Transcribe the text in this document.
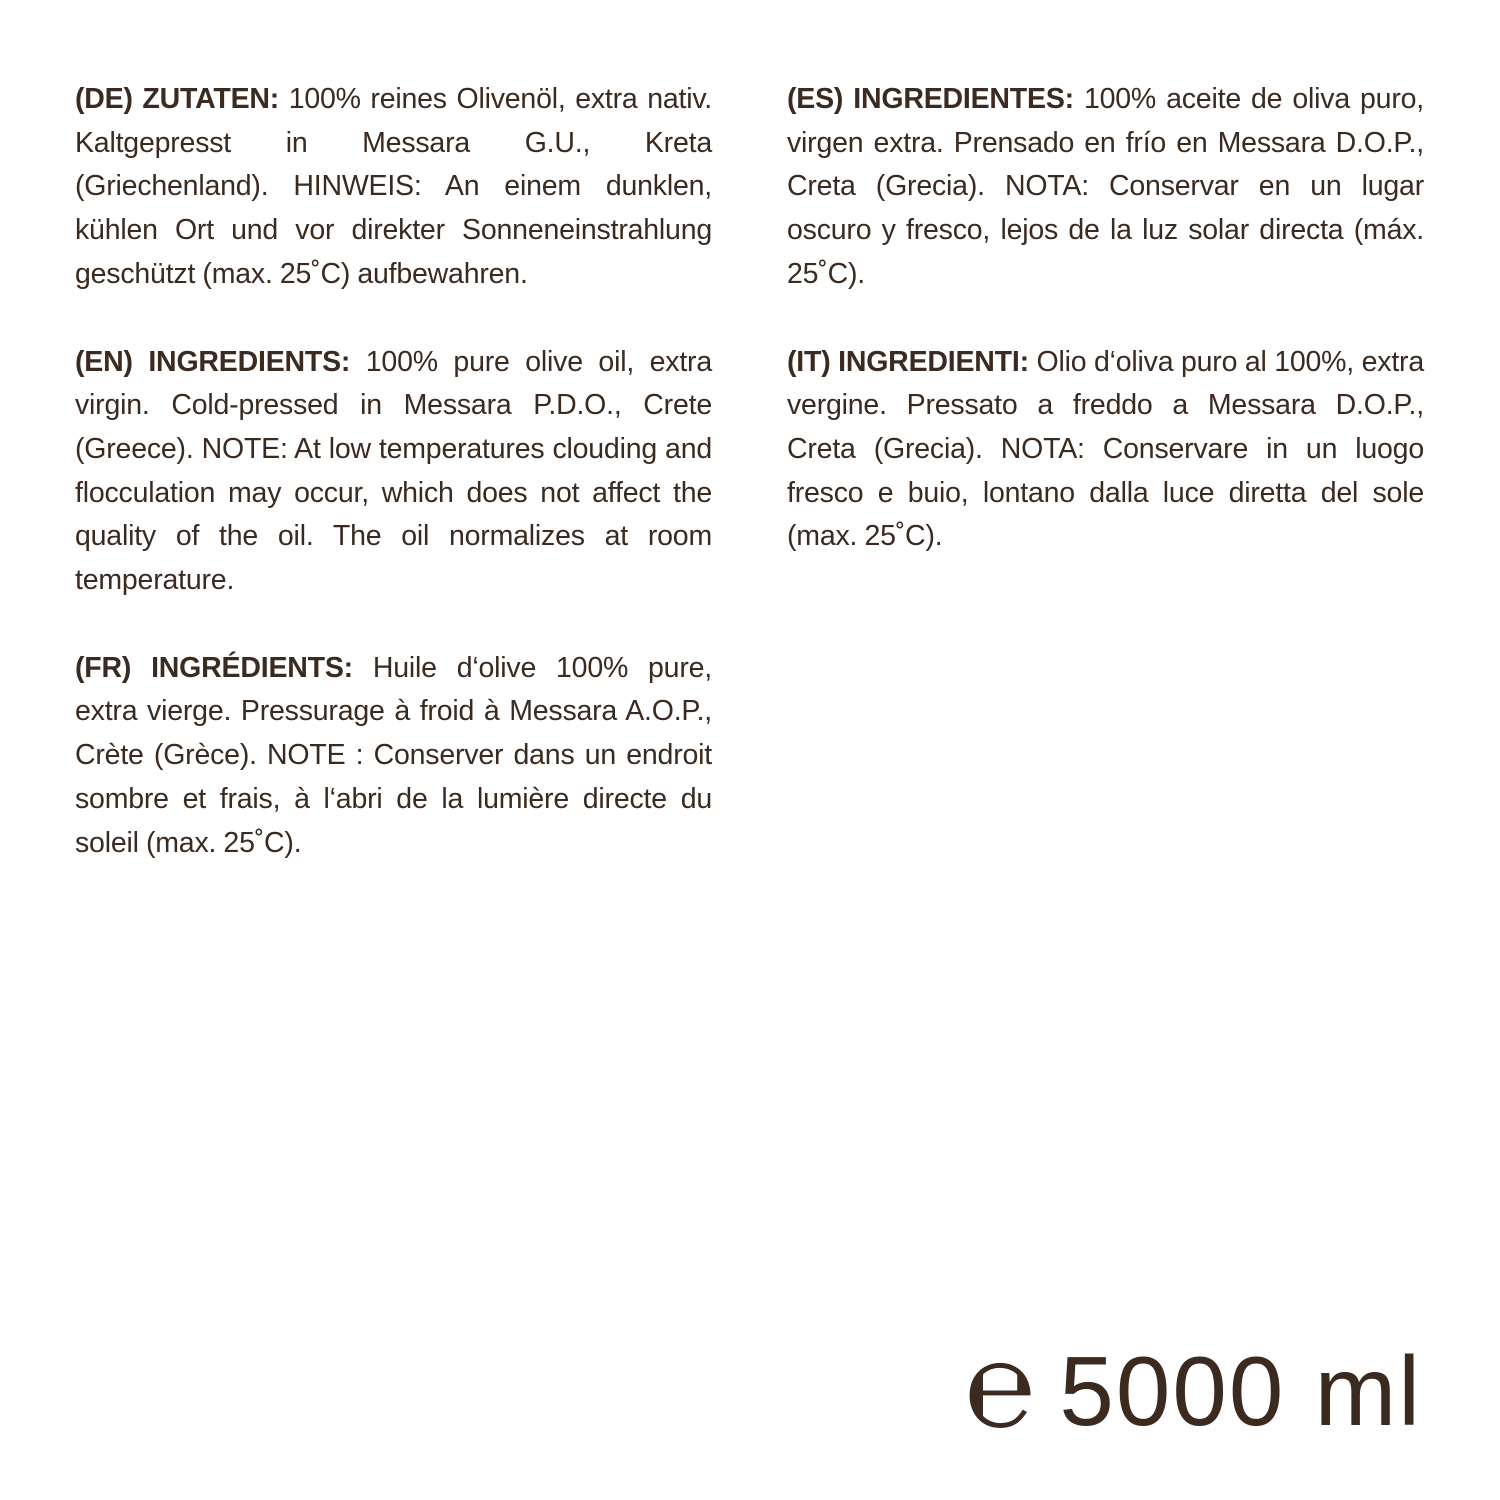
(DE) ZUTATEN: 100% reines Olivenöl, extra nativ. Kaltgepresst in Messara G.U., Kreta (Griechenland). HINWEIS: An einem dunklen, kühlen Ort und vor direkter Sonneneinstrahlung geschützt (max. 25˚C) aufbewahren.

(EN) INGREDIENTS: 100% pure olive oil, extra virgin. Cold-pressed in Messara P.D.O., Crete (Greece). NOTE: At low temperatures clouding and flocculation may occur, which does not affect the quality of the oil. The oil normalizes at room temperature.

(FR) INGRÉDIENTS: Huile d‘olive 100% pure, extra vierge. Pressurage à froid à Messara A.O.P., Crète (Grèce). NOTE : Conserver dans un endroit sombre et frais, à l‘abri de la lumière directe du soleil (max. 25˚C).

(ES) INGREDIENTES: 100% aceite de oliva puro, virgen extra. Prensado en frío en Messara D.O.P., Creta (Grecia). NOTA: Conservar en un lugar oscuro y fresco, lejos de la luz solar directa (máx. 25˚C).

(IT) INGREDIENTI: Olio d‘oliva puro al 100%, extra vergine. Pressato a freddo a Messara D.O.P., Creta (Grecia). NOTA: Conservare in un luogo fresco e buio, lontano dalla luce diretta del sole (max. 25˚C).

℮ 5000 ml
